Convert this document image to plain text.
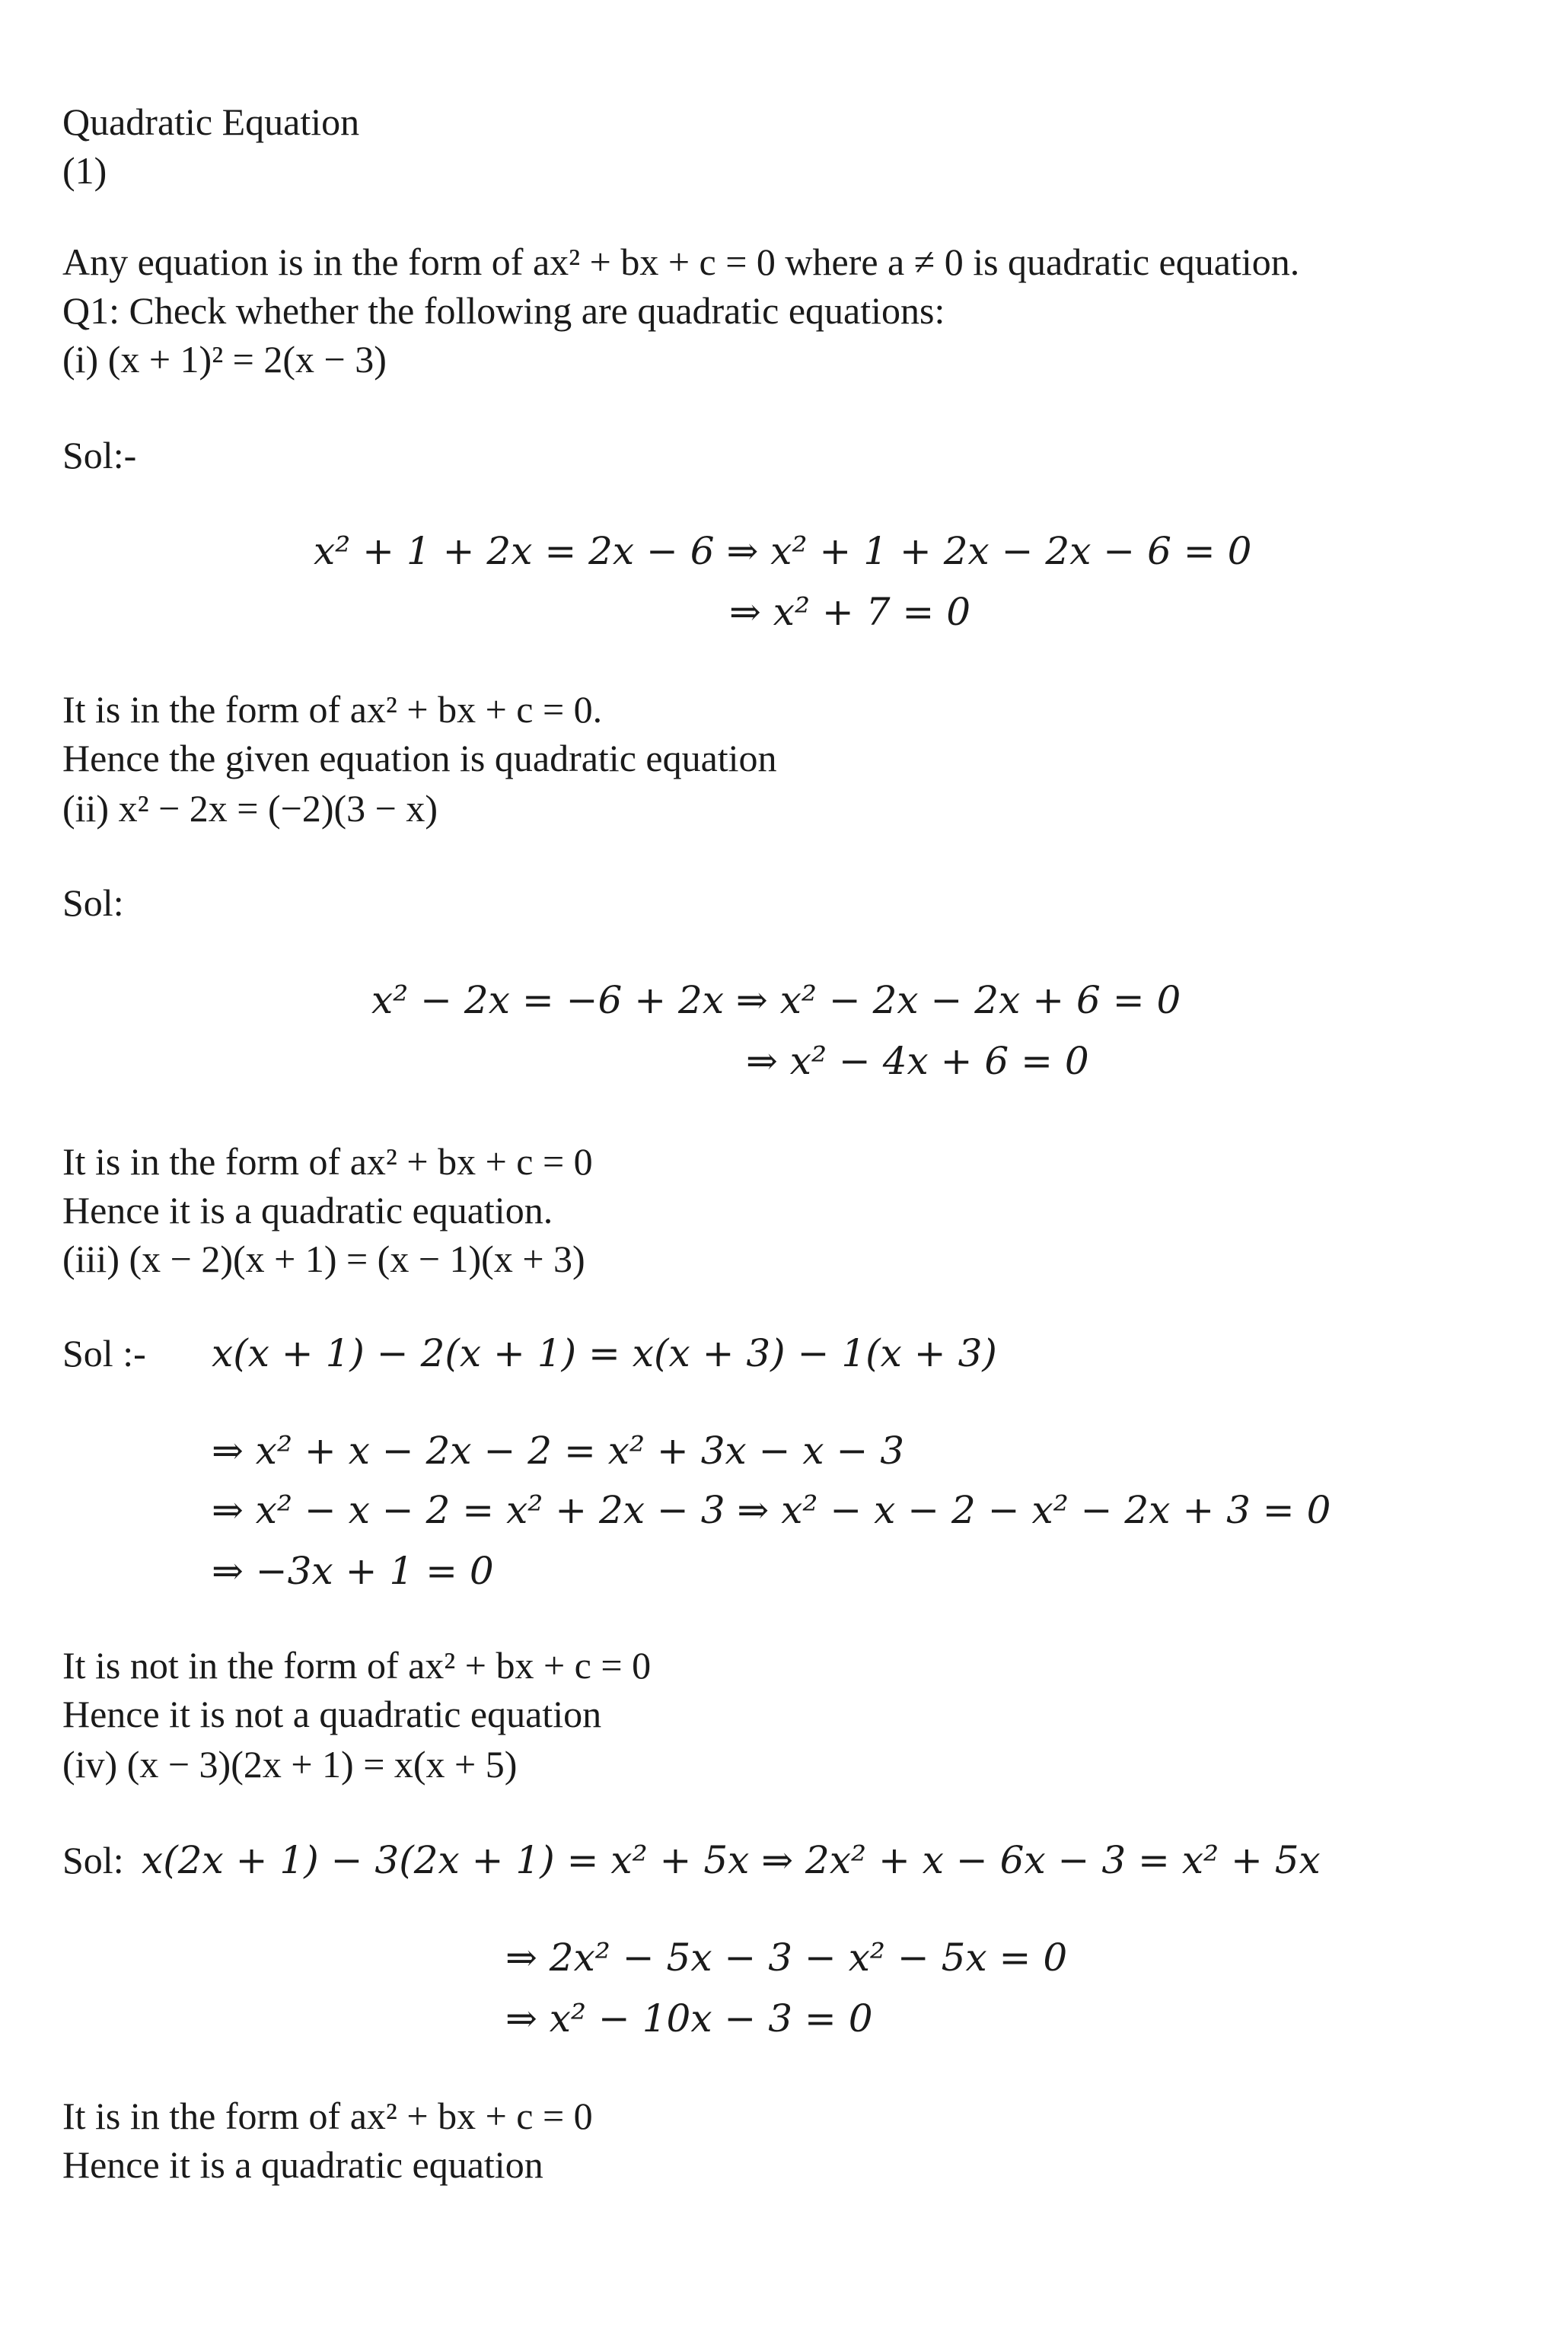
Quadratic Equation
(1)
Any equation is in the form of ax² + bx + c = 0 where a ≠ 0 is quadratic equation.
Q1: Check whether the following are quadratic equations:
(i) (x + 1)² = 2(x − 3)
Sol:-
x² + 1 + 2x = 2x − 6 ⇒ x² + 1 + 2x − 2x − 6 = 0
⇒ x² + 7 = 0
It is in the form of ax² + bx + c = 0.
Hence the given equation is quadratic equation
(ii) x² − 2x = (−2)(3 − x)
Sol:
x² − 2x = −6 + 2x ⇒ x² − 2x − 2x + 6 = 0
⇒ x² − 4x + 6 = 0
It is in the form of ax² + bx + c = 0
Hence it is a quadratic equation.
(iii) (x − 2)(x + 1) = (x − 1)(x + 3)
Sol :- x(x + 1) − 2(x + 1) = x(x + 3) − 1(x + 3)
⇒ x² + x − 2x − 2 = x² + 3x − x − 3
⇒ x² − x − 2 = x² + 2x − 3 ⇒ x² − x − 2 − x² − 2x + 3 = 0
⇒ −3x + 1 = 0
It is not in the form of ax² + bx + c = 0
Hence it is not a quadratic equation
(iv) (x − 3)(2x + 1) = x(x + 5)
Sol: x(2x + 1) − 3(2x + 1) = x² + 5x ⇒ 2x² + x − 6x − 3 = x² + 5x
⇒ 2x² − 5x − 3 − x² − 5x = 0
⇒ x² − 10x − 3 = 0
It is in the form of ax² + bx + c = 0
Hence it is a quadratic equation
